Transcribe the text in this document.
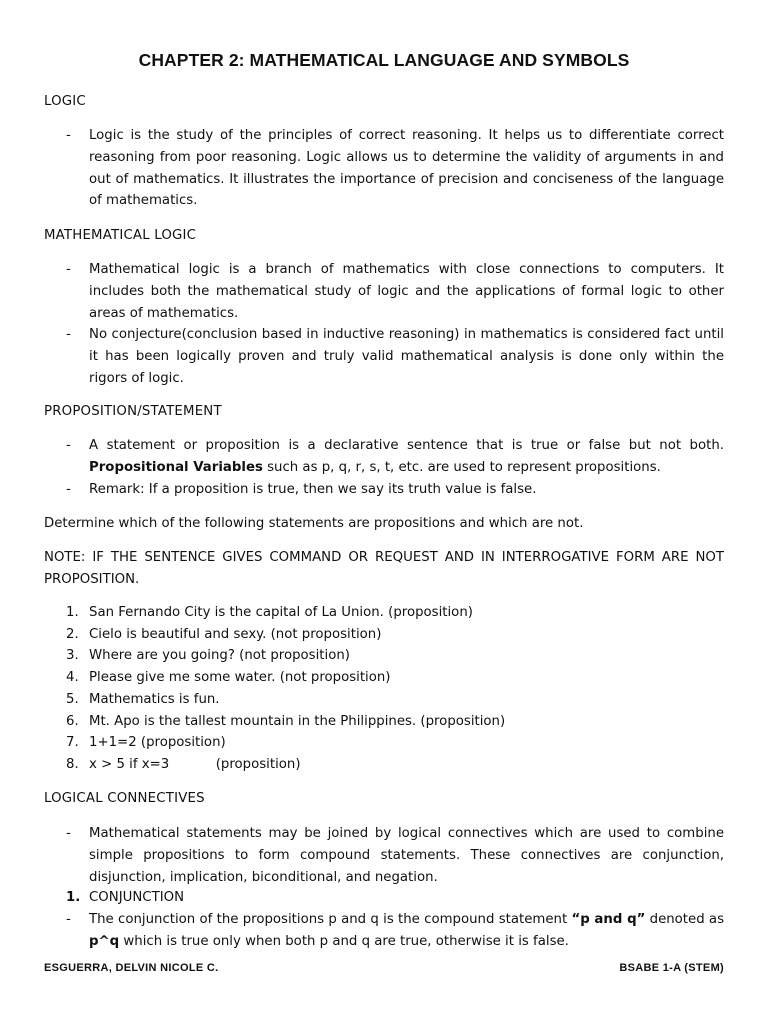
CHAPTER 2: MATHEMATICAL LANGUAGE AND SYMBOLS
LOGIC
- Logic is the study of the principles of correct reasoning. It helps us to differentiate correct reasoning from poor reasoning. Logic allows us to determine the validity of arguments in and out of mathematics. It illustrates the importance of precision and conciseness of the language of mathematics.
MATHEMATICAL LOGIC
- Mathematical logic is a branch of mathematics with close connections to computers. It includes both the mathematical study of logic and the applications of formal logic to other areas of mathematics.
- No conjecture(conclusion based in inductive reasoning) in mathematics is considered fact until it has been logically proven and truly valid mathematical analysis is done only within the rigors of logic.
PROPOSITION/STATEMENT
- A statement or proposition is a declarative sentence that is true or false but not both. Propositional Variables such as p, q, r, s, t, etc. are used to represent propositions.
- Remark: If a proposition is true, then we say its truth value is false.
Determine which of the following statements are propositions and which are not.
NOTE: IF THE SENTENCE GIVES COMMAND OR REQUEST AND IN INTERROGATIVE FORM ARE NOT PROPOSITION.
1. San Fernando City is the capital of La Union. (proposition)
2. Cielo is beautiful and sexy. (not proposition)
3. Where are you going? (not proposition)
4. Please give me some water. (not proposition)
5. Mathematics is fun.
6. Mt. Apo is the tallest mountain in the Philippines. (proposition)
7. 1+1=2 (proposition)
8. x > 5 if x=3           (proposition)
LOGICAL CONNECTIVES
- Mathematical statements may be joined by logical connectives which are used to combine simple propositions to form compound statements. These connectives are conjunction, disjunction, implication, biconditional, and negation.
1. CONJUNCTION
- The conjunction of the propositions p and q is the compound statement “p and q” denoted as p^q which is true only when both p and q are true, otherwise it is false.
ESGUERRA, DELVIN NICOLE C.	BSABE 1-A (STEM)
